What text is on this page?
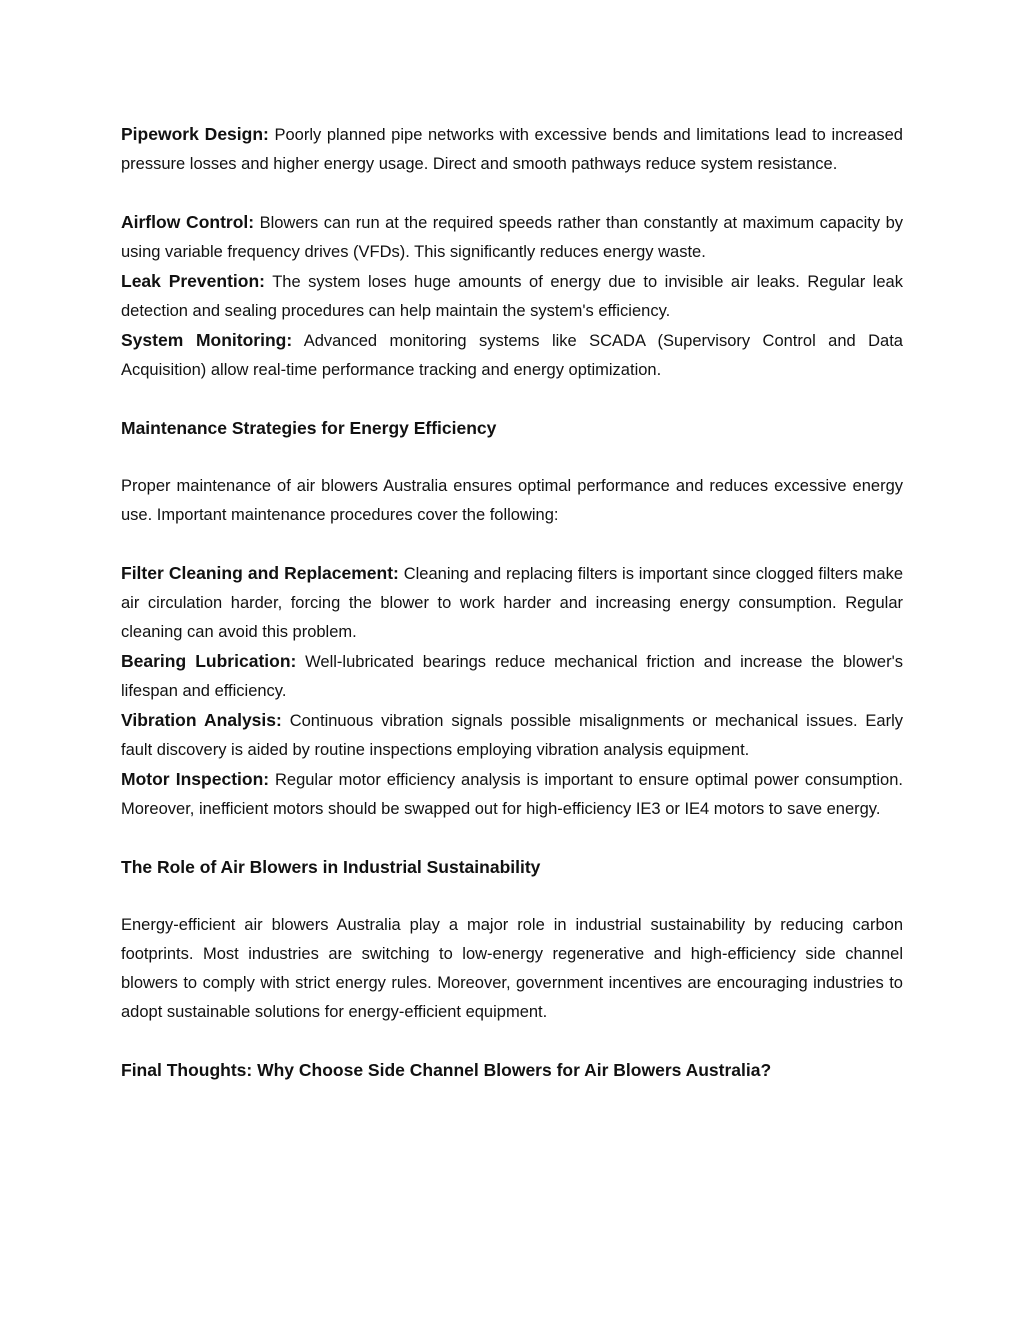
Pipework Design: Poorly planned pipe networks with excessive bends and limitations lead to increased pressure losses and higher energy usage. Direct and smooth pathways reduce system resistance.

Airflow Control: Blowers can run at the required speeds rather than constantly at maximum capacity by using variable frequency drives (VFDs). This significantly reduces energy waste.

Leak Prevention: The system loses huge amounts of energy due to invisible air leaks. Regular leak detection and sealing procedures can help maintain the system's efficiency.

System Monitoring: Advanced monitoring systems like SCADA (Supervisory Control and Data Acquisition) allow real-time performance tracking and energy optimization.

Maintenance Strategies for Energy Efficiency

Proper maintenance of air blowers Australia ensures optimal performance and reduces excessive energy use. Important maintenance procedures cover the following:

Filter Cleaning and Replacement: Cleaning and replacing filters is important since clogged filters make air circulation harder, forcing the blower to work harder and increasing energy consumption. Regular cleaning can avoid this problem.

Bearing Lubrication: Well-lubricated bearings reduce mechanical friction and increase the blower's lifespan and efficiency.

Vibration Analysis: Continuous vibration signals possible misalignments or mechanical issues. Early fault discovery is aided by routine inspections employing vibration analysis equipment.

Motor Inspection: Regular motor efficiency analysis is important to ensure optimal power consumption. Moreover, inefficient motors should be swapped out for high-efficiency IE3 or IE4 motors to save energy.

The Role of Air Blowers in Industrial Sustainability

Energy-efficient air blowers Australia play a major role in industrial sustainability by reducing carbon footprints. Most industries are switching to low-energy regenerative and high-efficiency side channel blowers to comply with strict energy rules. Moreover, government incentives are encouraging industries to adopt sustainable solutions for energy-efficient equipment.

Final Thoughts: Why Choose Side Channel Blowers for Air Blowers Australia?
